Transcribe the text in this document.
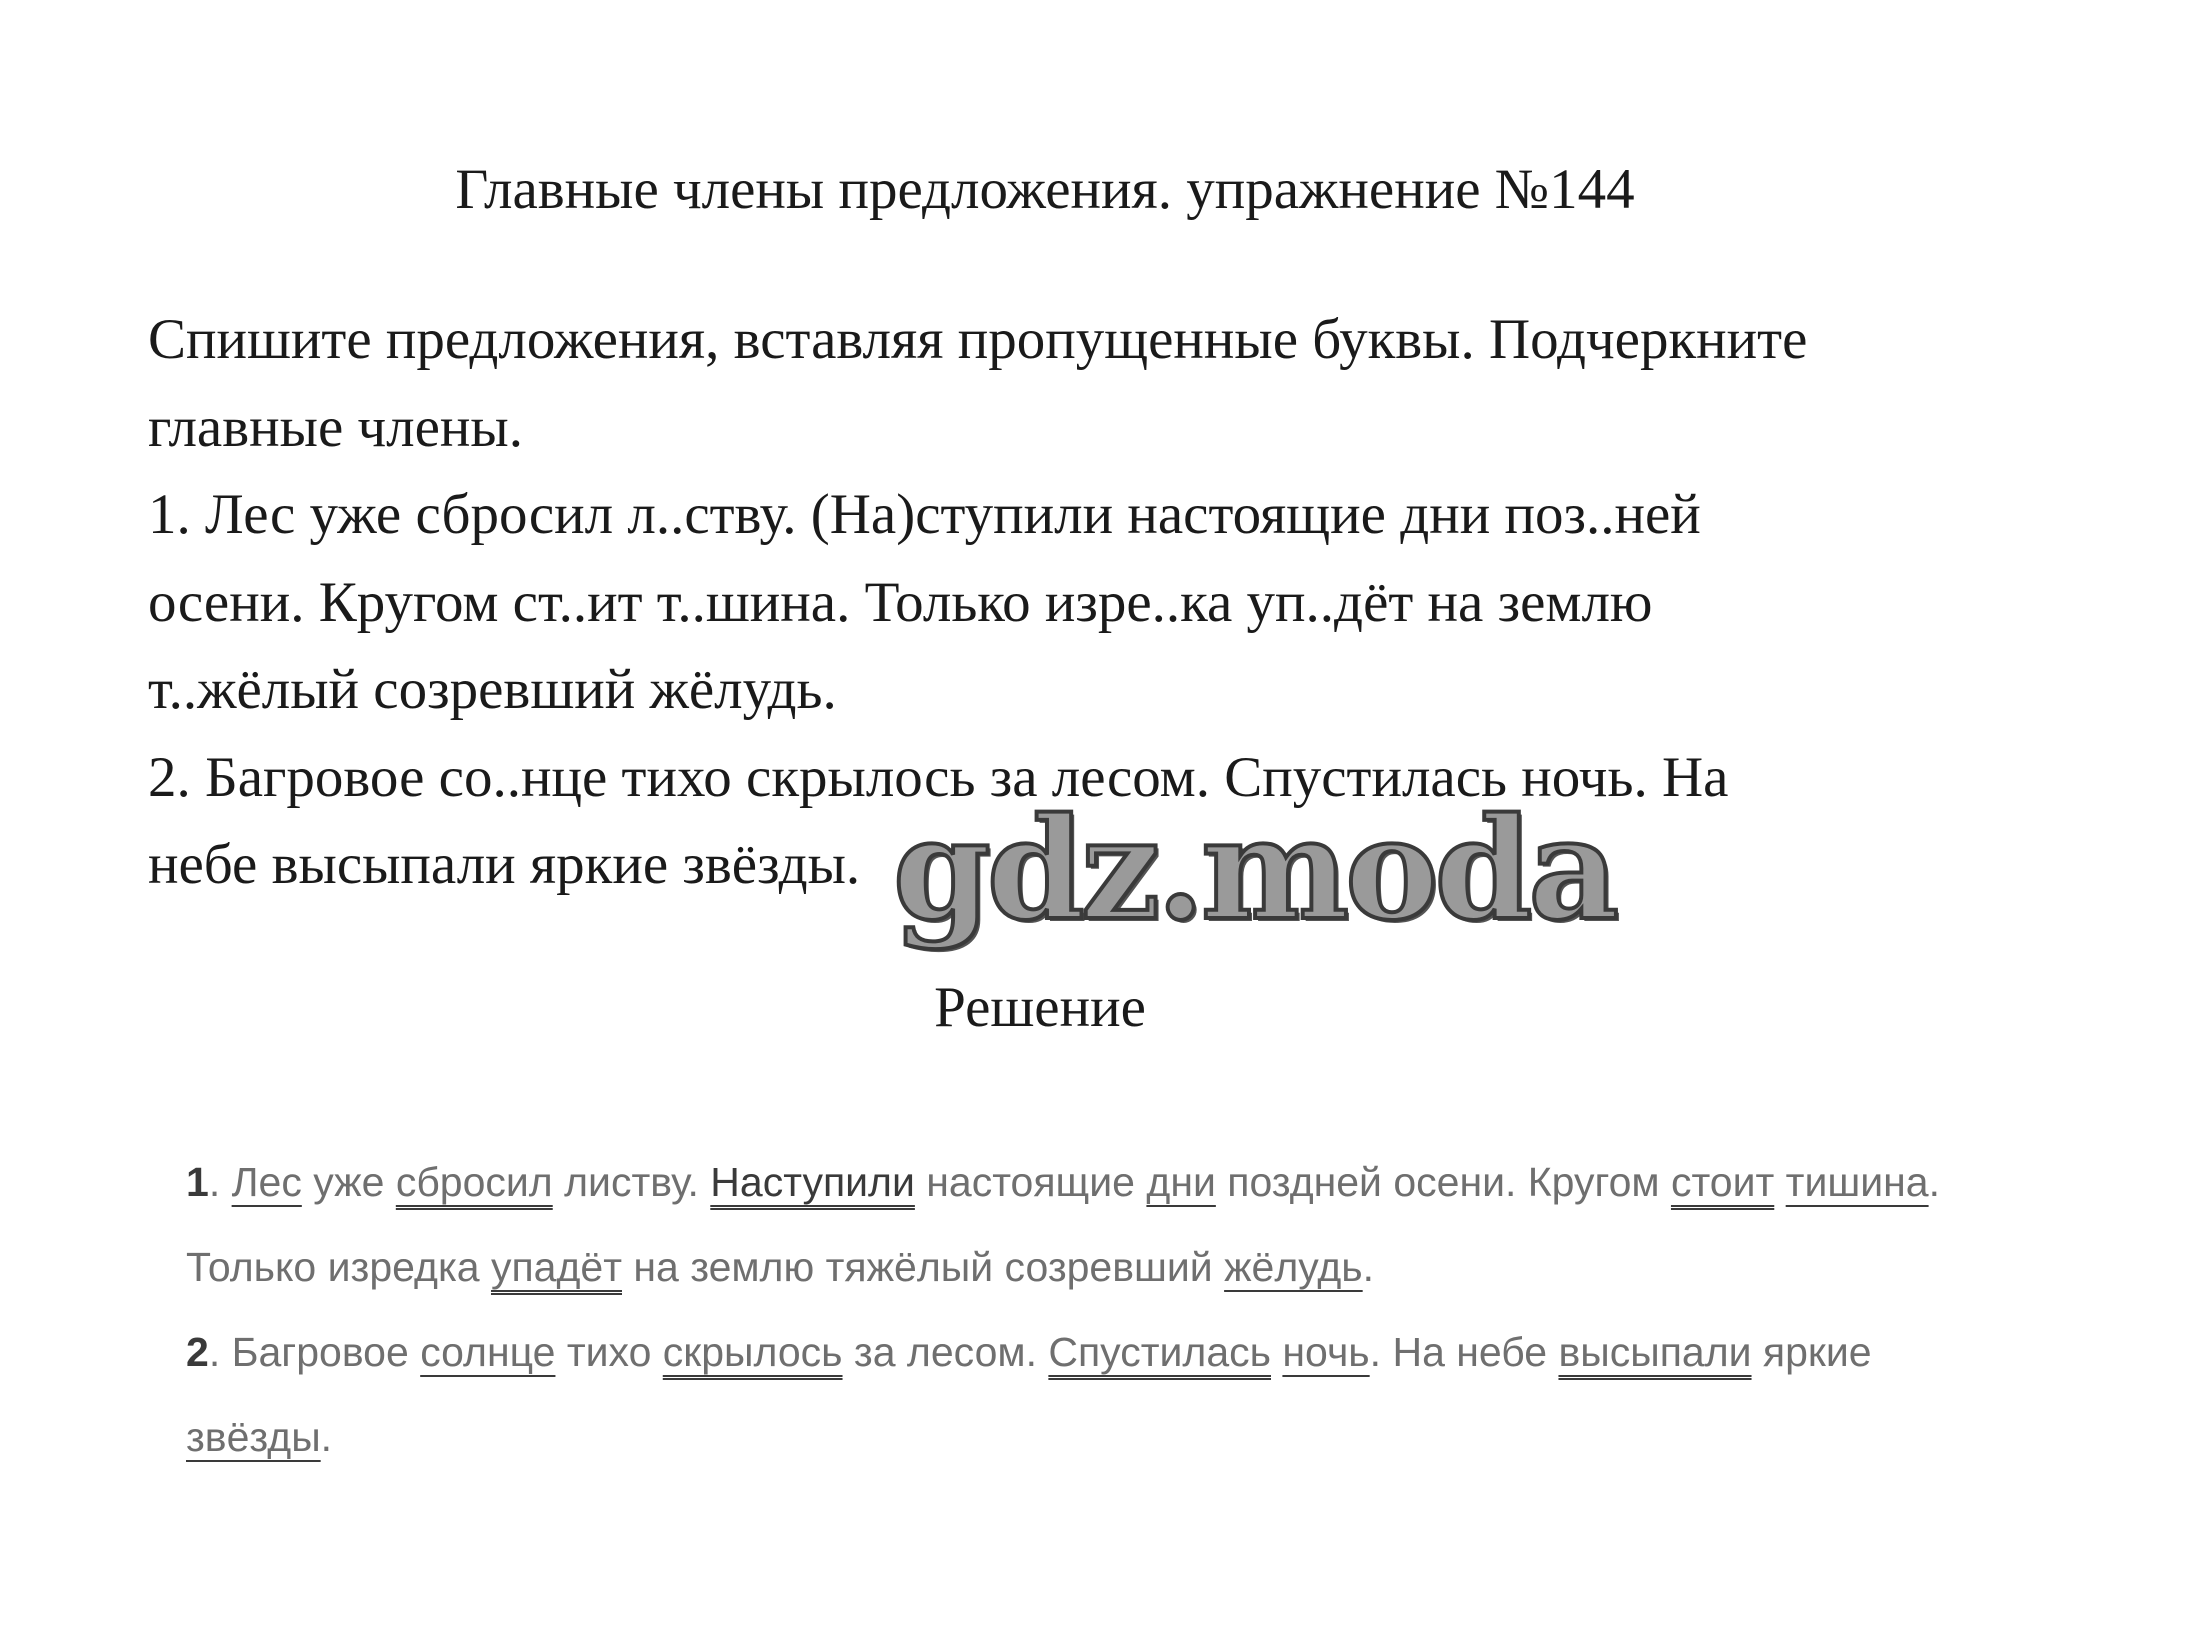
Главные члены предложения. упражнение №144
Спишите предложения, вставляя пропущенные буквы. Подчеркните
главные члены.
1. Лес уже сбросил л..ству. (На)ступили настоящие дни поз..ней
осени. Кругом ст..ит т..шина. Только изре..ка уп..дёт на землю
т..жёлый созревший жёлудь.
2. Багровое со..нце тихо скрылось за лесом. Спустилась ночь. На
небе высыпали яркие звёзды. gdz.moda
Решение
1. Лес уже сбросил листву. Наступили настоящие дни поздней осени. Кругом стоит тишина.
Только изредка упадёт на землю тяжёлый созревший жёлудь.
2. Багровое солнце тихо скрылось за лесом. Спустилась ночь. На небе высыпали яркие
звёзды.
